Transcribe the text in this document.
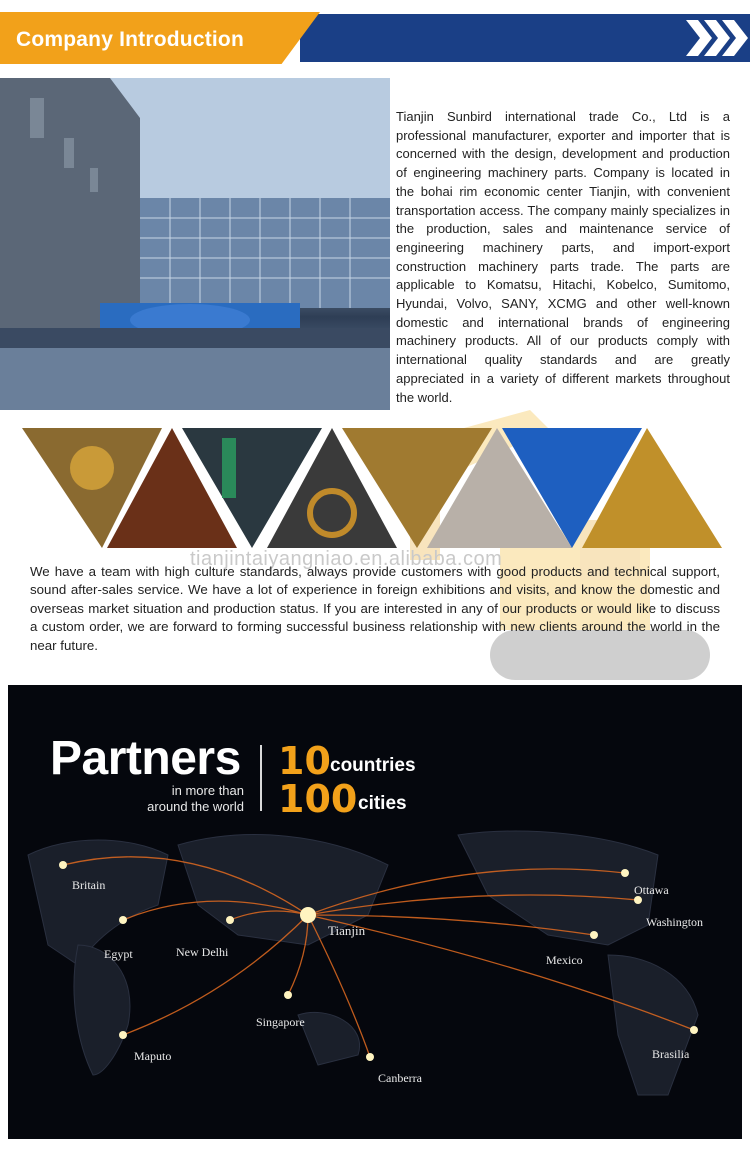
Company Introduction
Tianjin Sunbird international trade Co., Ltd is a professional manufacturer, exporter and importer that is concerned with the design, development and production of engineering machinery parts. Company is located in the bohai rim economic center Tianjin, with convenient transportation access. The company mainly specializes in the production, sales and maintenance service of engineering machinery parts, and import-export construction machinery parts trade. The parts are applicable to Komatsu, Hitachi, Kobelco, Sumitomo, Hyundai, Volvo, SANY, XCMG and other well-known domestic and international brands of engineering machinery products. All of our products comply with international quality standards and are greatly appreciated in a variety of different markets throughout the world.
tianjintaiyangniao.en.alibaba.com
We have a team with high culture standards, always provide customers with good products and technical support, sound after-sales service. We have a lot of experience in foreign exhibitions and visits, and know the domestic and overseas market situation and production status. If you are interested in any of our products or would like to discuss a custom order, we are forward to forming successful business relationship with new clients around the world in the near future.
Partners
in more than
around the world
10 countries
100 cities
Tianjin
Britain
Egypt	New Delhi
Singapore
Maputo
Canberra
Ottawa
Washington
Mexico
Brasilia
